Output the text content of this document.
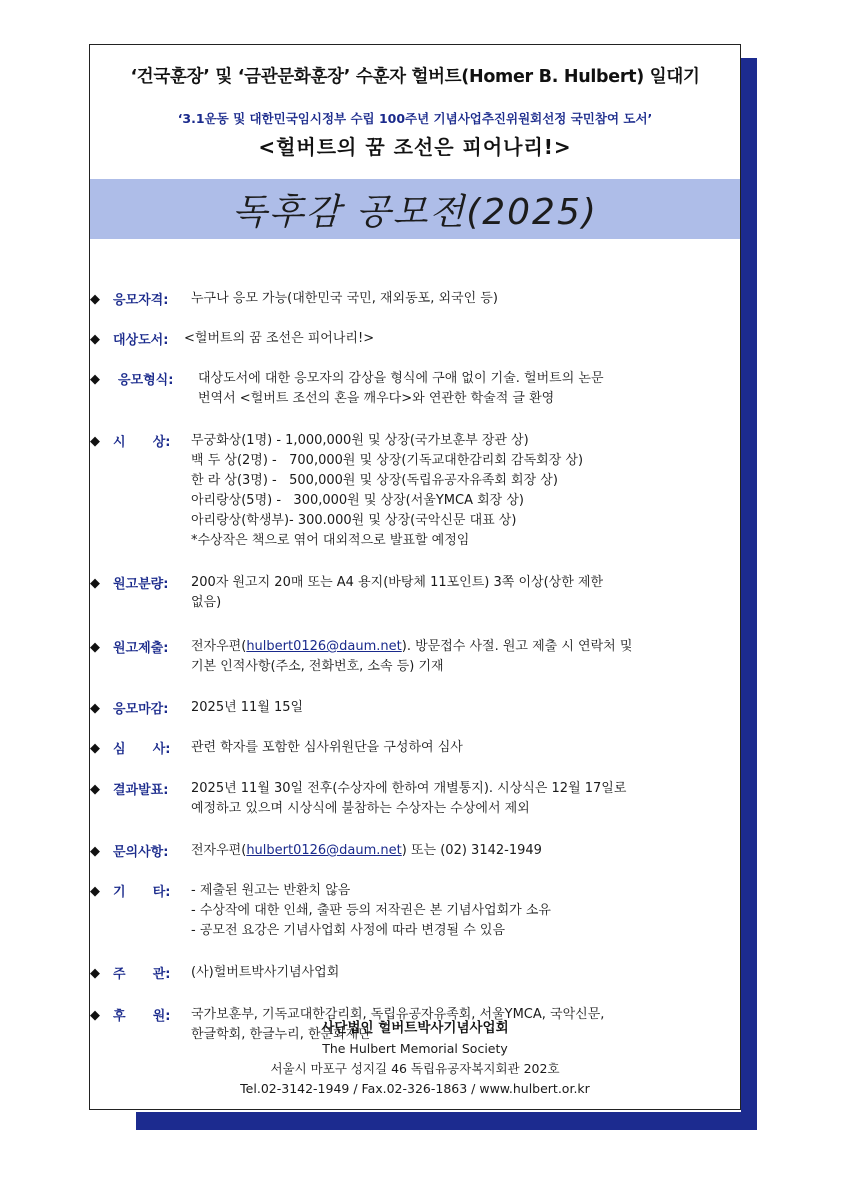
‘건국훈장’ 및 ‘금관문화훈장’ 수훈자 헐버트(Homer B. Hulbert) 일대기
‘3.1운동 및 대한민국임시정부 수립 100주년 기념사업추진위원회선정 국민참여 도서’
<헐버트의 꿈 조선은 피어나리!>
독후감 공모전(2025)
◆ 응모자격: 누구나 응모 가능(대한민국 국민, 재외동포, 외국인 등)
◆ 대상도서: <헐버트의 꿈 조선은 피어나리!>
◆ 응모형식: 대상도서에 대한 응모자의 감상을 형식에 구애 없이 기술. 헐버트의 논문
번역서 <헐버트 조선의 혼을 깨우다>와 연관한 학술적 글 환영
◆ 시      상: 무궁화상(1명) - 1,000,000원 및 상장(국가보훈부 장관 상)
백 두 상(2명) -   700,000원 및 상장(기독교대한감리회 감독회장 상)
한 라 상(3명) -   500,000원 및 상장(독립유공자유족회 회장 상)
아리랑상(5명) -   300,000원 및 상장(서울YMCA 회장 상)
아리랑상(학생부)- 300.000원 및 상장(국악신문 대표 상)
*수상작은 책으로 엮어 대외적으로 발표할 예정임
◆ 원고분량: 200자 원고지 20매 또는 A4 용지(바탕체 11포인트) 3쪽 이상(상한 제한
없음)
◆ 원고제출: 전자우편(hulbert0126@daum.net). 방문접수 사절. 원고 제출 시 연락처 및
기본 인적사항(주소, 전화번호, 소속 등) 기재
◆ 응모마감: 2025년 11월 15일
◆ 심      사: 관련 학자를 포함한 심사위원단을 구성하여 심사
◆ 결과발표: 2025년 11월 30일 전후(수상자에 한하여 개별통지). 시상식은 12월 17일로
예정하고 있으며 시상식에 불참하는 수상자는 수상에서 제외
◆ 문의사항: 전자우편(hulbert0126@daum.net) 또는 (02) 3142-1949
◆ 기      타: - 제출된 원고는 반환치 않음
- 수상작에 대한 인쇄, 출판 등의 저작권은 본 기념사업회가 소유
- 공모전 요강은 기념사업회 사정에 따라 변경될 수 있음
◆ 주      관: (사)헐버트박사기념사업회
◆ 후      원: 국가보훈부, 기독교대한감리회, 독립유공자유족회, 서울YMCA, 국악신문,
한글학회, 한글누리, 한문화재단
사단법인 헐버트박사기념사업회
The Hulbert Memorial Society
서울시 마포구 성지길 46 독립유공자복지회관 202호
Tel.02-3142-1949 / Fax.02-326-1863 / www.hulbert.or.kr
